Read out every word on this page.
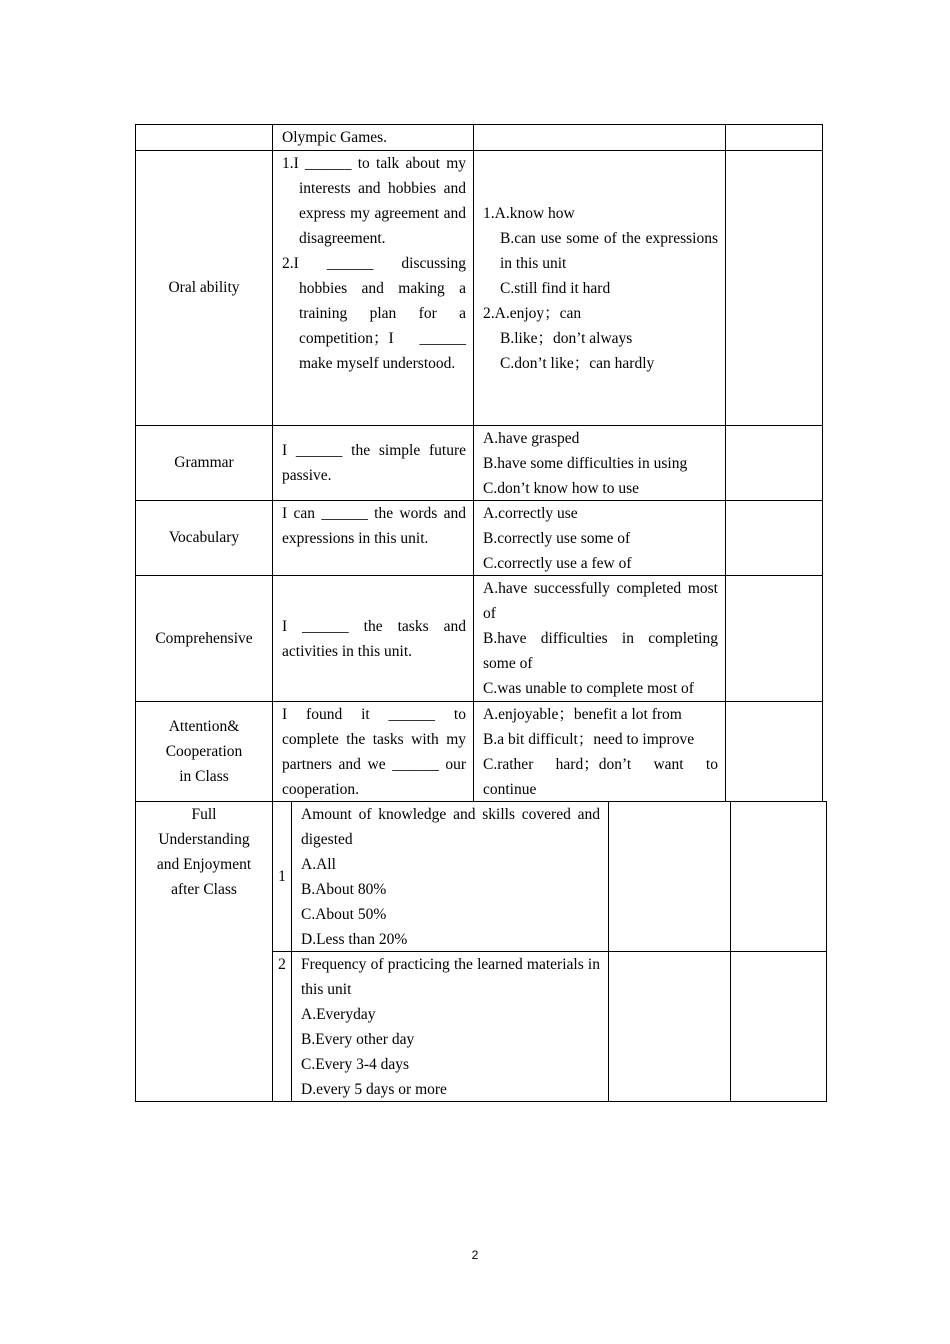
Olympic Games.
Oral ability

1.I ______ to talk about my interests and hobbies and express my agreement and disagreement.

2.I ______ discussing hobbies and making a training plan for a competition；I ______ make myself understood.

1.A.know how

B.can use some of the expressions in this unit

C.still find it hard

2.A.enjoy；can

B.like；don’t always

C.don’t like；can hardly

Grammar

I ______ the simple future passive.

A.have grasped

B.have some difficulties in using

C.don’t know how to use

Vocabulary

I can ______ the words and expressions in this unit.

A.correctly use

B.correctly use some of

C.correctly use a few of

Comprehensive

I ______ the tasks and activities in this unit.

A.have successfully completed most of

B.have difficulties in completing some of

C.was unable to complete most of

Attention&

Cooperation

in Class

I found it ______ to complete the tasks with my partners and we ______ our cooperation.

A.enjoyable；benefit a lot from

B.a bit difficult；need to improve

C.rather hard；don’t want to continue

Full

Understanding

and Enjoyment

after Class

1

Amount of knowledge and skills covered and digested

A.All

B.About 80%

C.About 50%

D.Less than 20%

2 Frequency of practicing the learned materials in this unit

A.Everyday

B.Every other day

C.Every 3-4 days

D.every 5 days or more

2
